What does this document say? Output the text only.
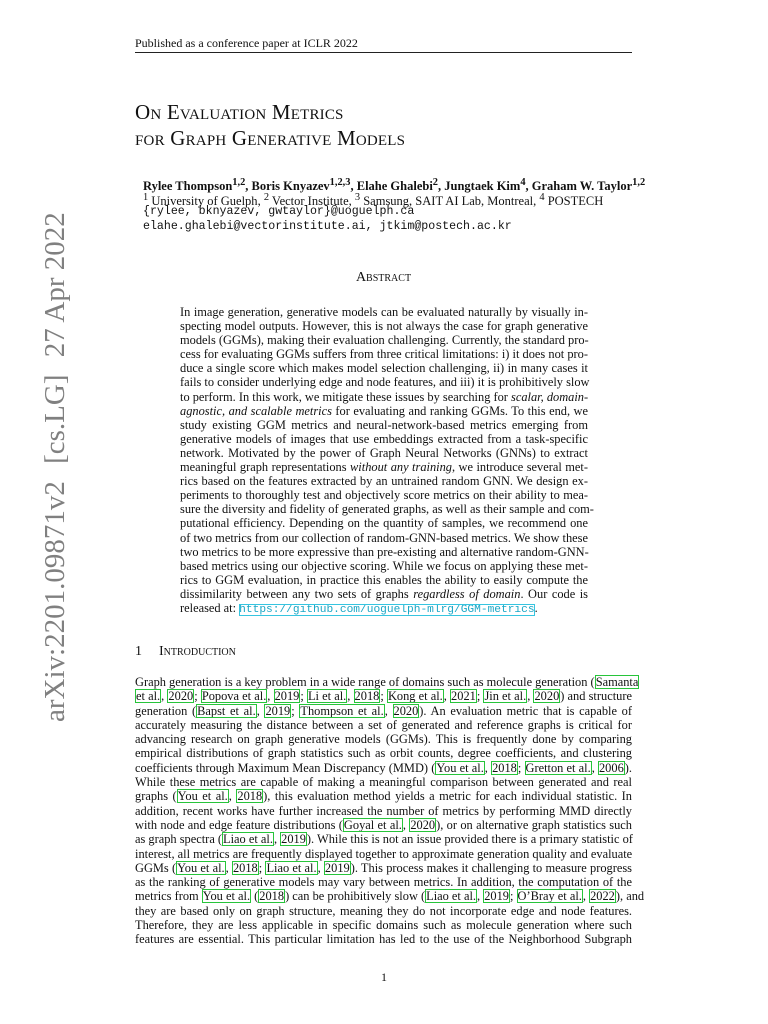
Published as a conference paper at ICLR 2022
arXiv:2201.09871v2 [cs.LG] 27 Apr 2022
On Evaluation Metrics
for Graph Generative Models
Rylee Thompson$^{1,2}$, Boris Knyazev$^{1,2,3}$, Elahe Ghalebi$^2$, Jungtaek Kim$^4$, Graham W. Taylor$^{1,2}$
$^1$ University of Guelph, $^2$ Vector Institute, $^3$ Samsung, SAIT AI Lab, Montreal, $^4$ POSTECH
{rylee, bknyazev, gwtaylor}@uoguelph.ca
elahe.ghalebi@vectorinstitute.ai, jtkim@postech.ac.kr
Abstract
In image generation, generative models can be evaluated naturally by visually in-
specting model outputs. However, this is not always the case for graph generative
models (GGMs), making their evaluation challenging. Currently, the standard pro-
cess for evaluating GGMs suffers from three critical limitations: i) it does not pro-
duce a single score which makes model selection challenging, ii) in many cases it
fails to consider underlying edge and node features, and iii) it is prohibitively slow
to perform. In this work, we mitigate these issues by searching for scalar, domain-
agnostic, and scalable metrics for evaluating and ranking GGMs. To this end, we
study existing GGM metrics and neural-network-based metrics emerging from
generative models of images that use embeddings extracted from a task-specific
network. Motivated by the power of Graph Neural Networks (GNNs) to extract
meaningful graph representations without any training, we introduce several met-
rics based on the features extracted by an untrained random GNN. We design ex-
periments to thoroughly test and objectively score metrics on their ability to mea-
sure the diversity and fidelity of generated graphs, as well as their sample and com-
putational efficiency. Depending on the quantity of samples, we recommend one
of two metrics from our collection of random-GNN-based metrics. We show these
two metrics to be more expressive than pre-existing and alternative random-GNN-
based metrics using our objective scoring. While we focus on applying these met-
rics to GGM evaluation, in practice this enables the ability to easily compute the
dissimilarity between any two sets of graphs regardless of domain. Our code is
released at: https://github.com/uoguelph-mlrg/GGM-metrics.
1 Introduction
Graph generation is a key problem in a wide range of domains such as molecule generation (Samanta
et al., 2020; Popova et al., 2019; Li et al., 2018; Kong et al., 2021; Jin et al., 2020) and structure
generation (Bapst et al., 2019; Thompson et al., 2020). An evaluation metric that is capable of
accurately measuring the distance between a set of generated and reference graphs is critical for
advancing research on graph generative models (GGMs). This is frequently done by comparing
empirical distributions of graph statistics such as orbit counts, degree coefficients, and clustering
coefficients through Maximum Mean Discrepancy (MMD) (You et al., 2018; Gretton et al., 2006).
While these metrics are capable of making a meaningful comparison between generated and real
graphs (You et al., 2018), this evaluation method yields a metric for each individual statistic. In
addition, recent works have further increased the number of metrics by performing MMD directly
with node and edge feature distributions (Goyal et al., 2020), or on alternative graph statistics such
as graph spectra (Liao et al., 2019). While this is not an issue provided there is a primary statistic of
interest, all metrics are frequently displayed together to approximate generation quality and evaluate
GGMs (You et al., 2018; Liao et al., 2019). This process makes it challenging to measure progress
as the ranking of generative models may vary between metrics. In addition, the computation of the
metrics from You et al. (2018) can be prohibitively slow (Liao et al., 2019; O’Bray et al., 2022), and
they are based only on graph structure, meaning they do not incorporate edge and node features.
Therefore, they are less applicable in specific domains such as molecule generation where such
features are essential. This particular limitation has led to the use of the Neighborhood Subgraph
1
